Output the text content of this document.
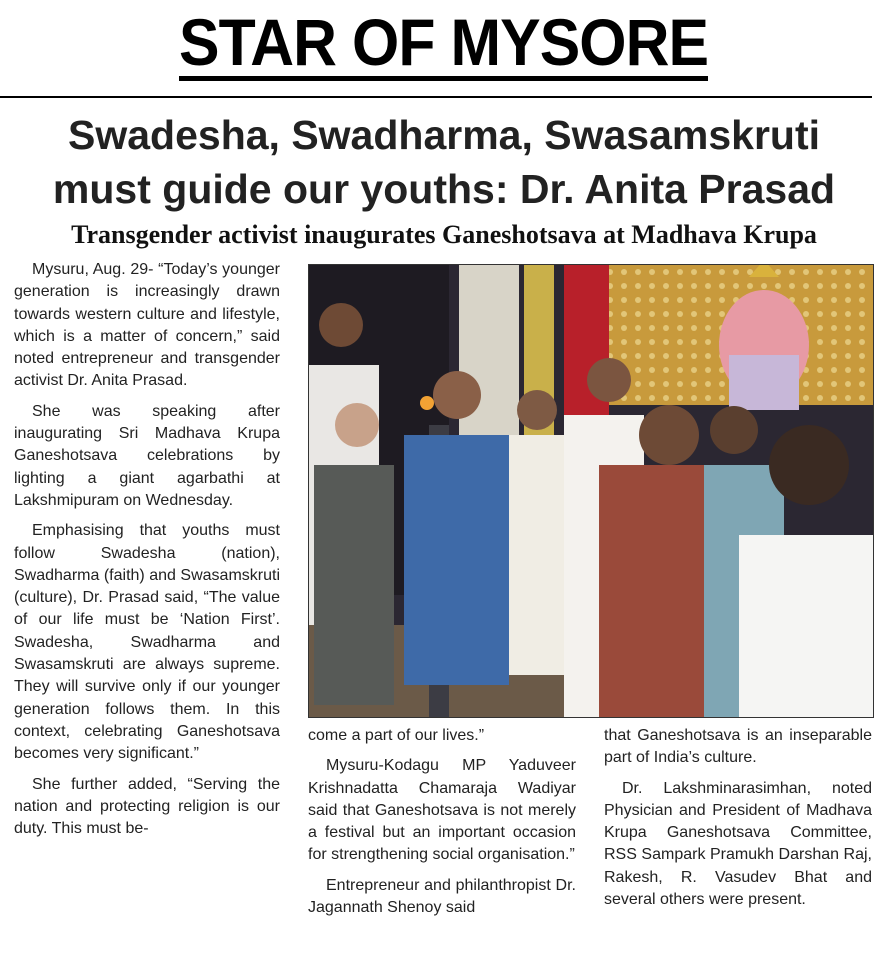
STAR OF MYSORE
Swadesha, Swadharma, Swasamskruti
must guide our youths: Dr. Anita Prasad
Transgender activist inaugurates Ganeshotsava at Madhava Krupa

Mysuru, Aug. 29- “Today’s younger generation is increasingly drawn towards western culture and lifestyle, which is a matter of concern,” said noted entrepreneur and transgender activist Dr. Anita Prasad.

She was speaking after inaugurating Sri Madhava Krupa Ganeshotsava celebrations by lighting a giant agarbathi at Lakshmipuram on Wednesday.

Emphasising that youths must follow Swadesha (nation), Swadharma (faith) and Swasamskruti (culture), Dr. Prasad said, “The value of our life must be ‘Nation First’. Swadesha, Swadharma and Swasamskruti are always supreme. They will survive only if our younger generation follows them. In this context, celebrating Ganeshotsava becomes very significant.”

She further added, “Serving the nation and protecting religion is our duty. This must be-

come a part of our lives.”

Mysuru-Kodagu MP Yaduveer Krishnadatta Chamaraja Wadiyar said that Ganeshotsava is not merely a festival but an important occasion for strengthening social organisation.”

Entrepreneur and philanthropist Dr. Jagannath Shenoy said

that Ganeshotsava is an inseparable part of India’s culture.

Dr. Lakshminarasimhan, noted Physician and President of Madhava Krupa Ganeshotsava Committee, RSS Sampark Pramukh Darshan Raj, Rakesh, R. Vasudev Bhat and several others were present.
